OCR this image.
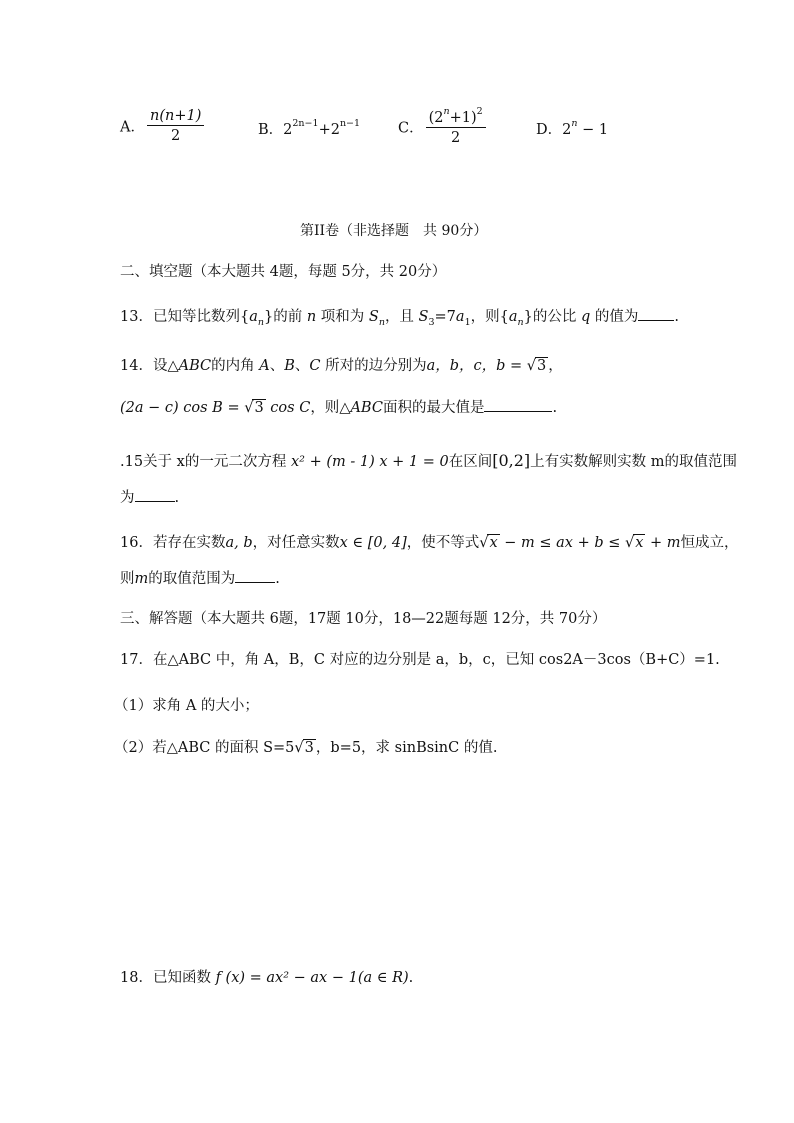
A． $\frac{n(n+1)}{2}$	B．$2^{2n-1}+2^{n-1}$	C． $\frac{(2^n+1)^2}{2}$	D．$2^n - 1$
第II卷（非选择题　共 90分）
二、填空题（本大题共 4题，每题 5分，共 20分）
13．已知等比数列$\{a_n\}$的前 n 项和为 $S_n$，且 $S_3=7a_1$，则$\{a_n\}$的公比 q 的值为 .
14．设△ABC的内角 A、B、C 所对的边分别为a，b，c，b = √3 ，
(2a − c) cos B = √3 cos C，则△ABC面积的最大值是	.
.15关于 x的一元二次方程 x² + (m - 1) x + 1 = 0在区间[0,2]上有实数解则实数 m的取值范围
为	.
16．若存在实数a, b，对任意实数x ∈ [0, 4]，使不等式√x − m ≤ ax + b ≤ √x + m恒成立，
则m的取值范围为	.
三、解答题（本大题共 6题，17题 10分，18—22题每题 12分，共 70分）
17．在△ABC 中，角 A，B，C 对应的边分别是 a，b，c，已知 cos2A－3cos（B+C）=1.
（1）求角 A 的大小；
（2）若△ABC 的面积 S=5√3 ，b=5，求 sinBsinC 的值.
18．已知函数 f (x) = ax² − ax − 1(a ∈ R).
